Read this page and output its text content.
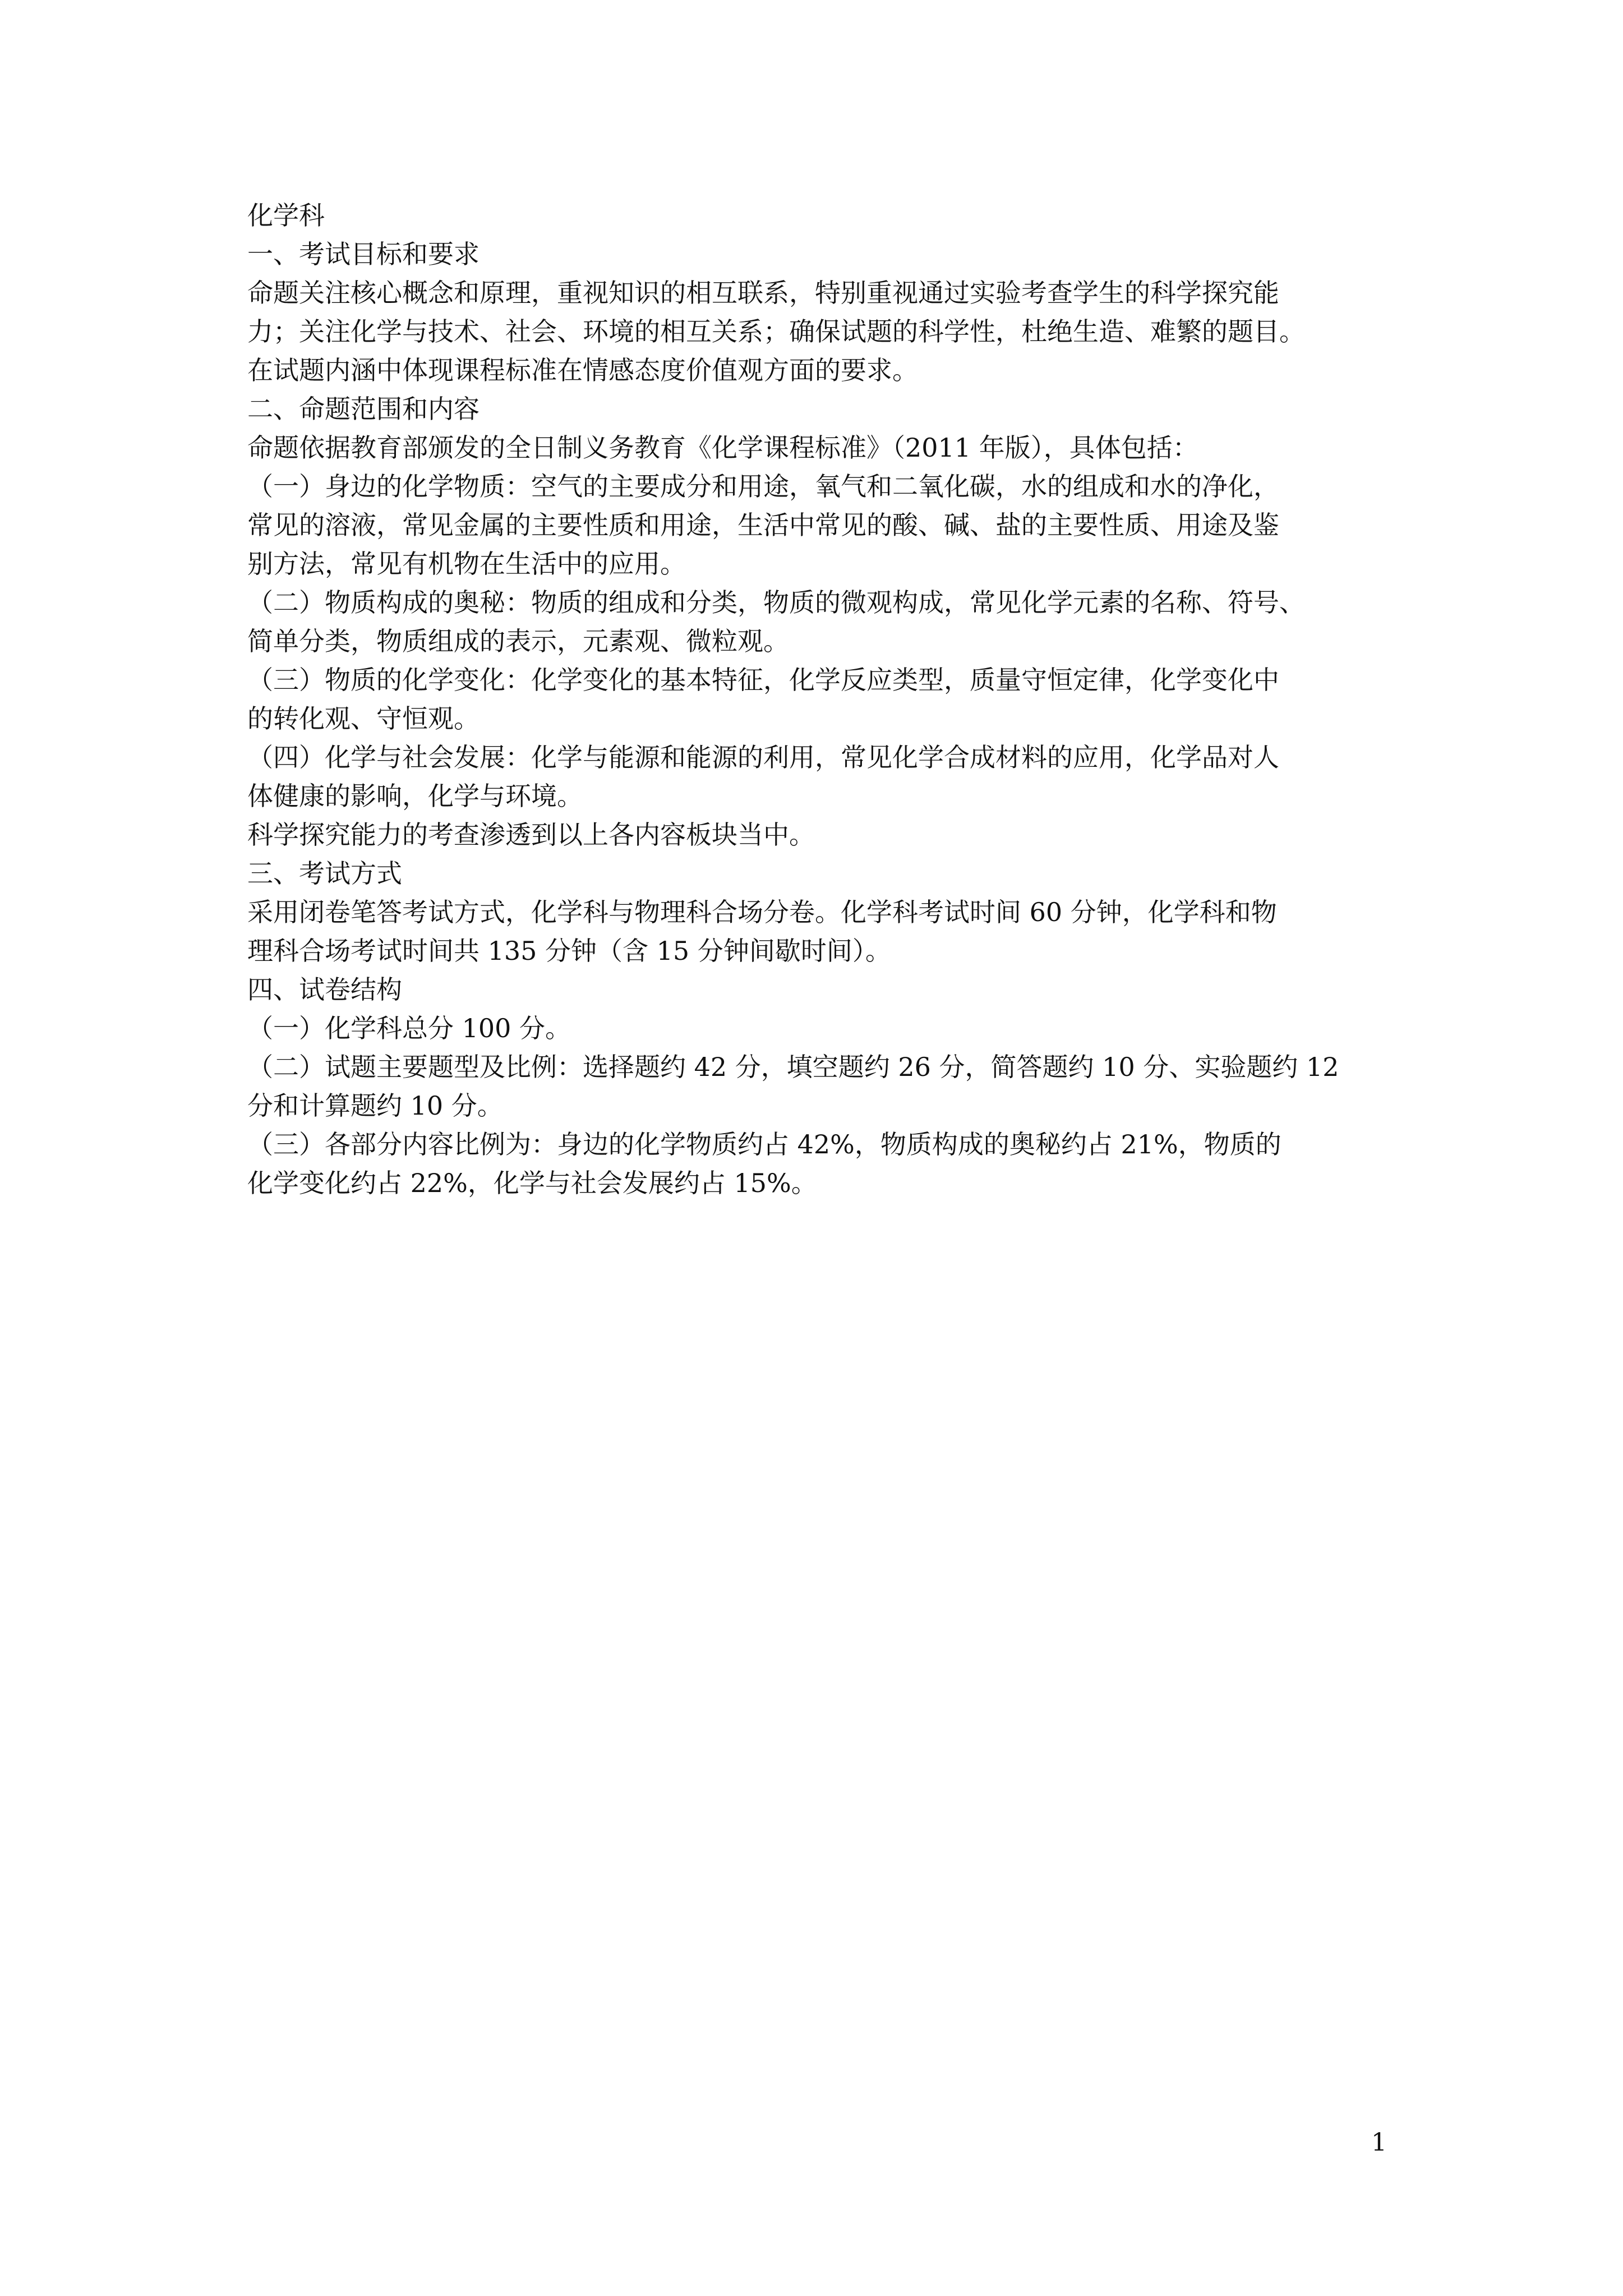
化学科
一、考试目标和要求
命题关注核心概念和原理，重视知识的相互联系，特别重视通过实验考查学生的科学探究能
力；关注化学与技术、社会、环境的相互关系；确保试题的科学性，杜绝生造、难繁的题目。
在试题内涵中体现课程标准在情感态度价值观方面的要求。
二、命题范围和内容
命题依据教育部颁发的全日制义务教育《化学课程标准》（2011 年版），具体包括：
（一）身边的化学物质：空气的主要成分和用途，氧气和二氧化碳，水的组成和水的净化，
常见的溶液，常见金属的主要性质和用途，生活中常见的酸、碱、盐的主要性质、用途及鉴
别方法，常见有机物在生活中的应用。
（二）物质构成的奥秘：物质的组成和分类，物质的微观构成，常见化学元素的名称、符号、
简单分类，物质组成的表示，元素观、微粒观。
（三）物质的化学变化：化学变化的基本特征，化学反应类型，质量守恒定律，化学变化中
的转化观、守恒观。
（四）化学与社会发展：化学与能源和能源的利用，常见化学合成材料的应用，化学品对人
体健康的影响，化学与环境。
科学探究能力的考查渗透到以上各内容板块当中。
三、考试方式
采用闭卷笔答考试方式，化学科与物理科合场分卷。化学科考试时间 60 分钟，化学科和物
理科合场考试时间共 135 分钟（含 15 分钟间歇时间）。
四、试卷结构
（一）化学科总分 100 分。
（二）试题主要题型及比例：选择题约 42 分，填空题约 26 分，简答题约 10 分、实验题约 12
分和计算题约 10 分。
（三）各部分内容比例为：身边的化学物质约占 42%，物质构成的奥秘约占 21%，物质的
化学变化约占 22%，化学与社会发展约占 15%。
1
